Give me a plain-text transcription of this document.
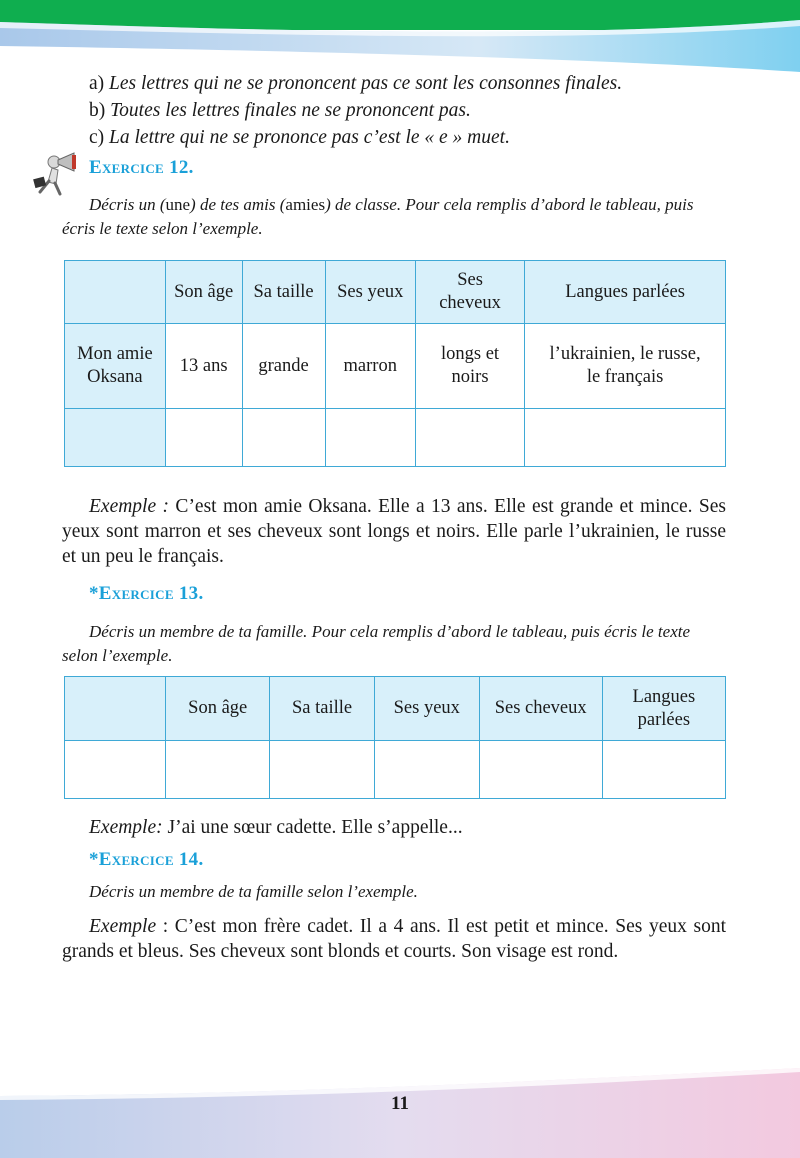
a) Les lettres qui ne se prononcent pas ce sont les consonnes finales.
b) Toutes les lettres finales ne se prononcent pas.
c) La lettre qui ne se prononce pas c’est le « e » muet.
Exercice 12.
Décris un (une) de tes amis (amies) de classe. Pour cela remplis d’abord le tableau, puis écris le texte selon l’exemple.
	Son âge	Sa taille	Ses yeux	Ses cheveux	Langues parlées
Mon amie Oksana	13 ans	grande	marron	longs et noirs	l’ukrainien, le russe, le français

Exemple : C’est mon amie Oksana. Elle a 13 ans. Elle est grande et mince. Ses yeux sont marron et ses cheveux sont longs et noirs. Elle parle l’ukrainien, le russe et un peu le français.
*Exercice 13.
Décris un membre de ta famille. Pour cela remplis d’abord le tableau, puis écris le texte selon l’exemple.
	Son âge	Sa taille	Ses yeux	Ses cheveux	Langues parlées

Exemple: J’ai une sœur cadette. Elle s’appelle...
*Exercice 14.
Décris un membre de ta famille selon l’exemple.
Exemple : C’est mon frère cadet. Il a 4 ans. Il est petit et mince. Ses yeux sont grands et bleus. Ses cheveux sont blonds et courts. Son visage est rond.
11
